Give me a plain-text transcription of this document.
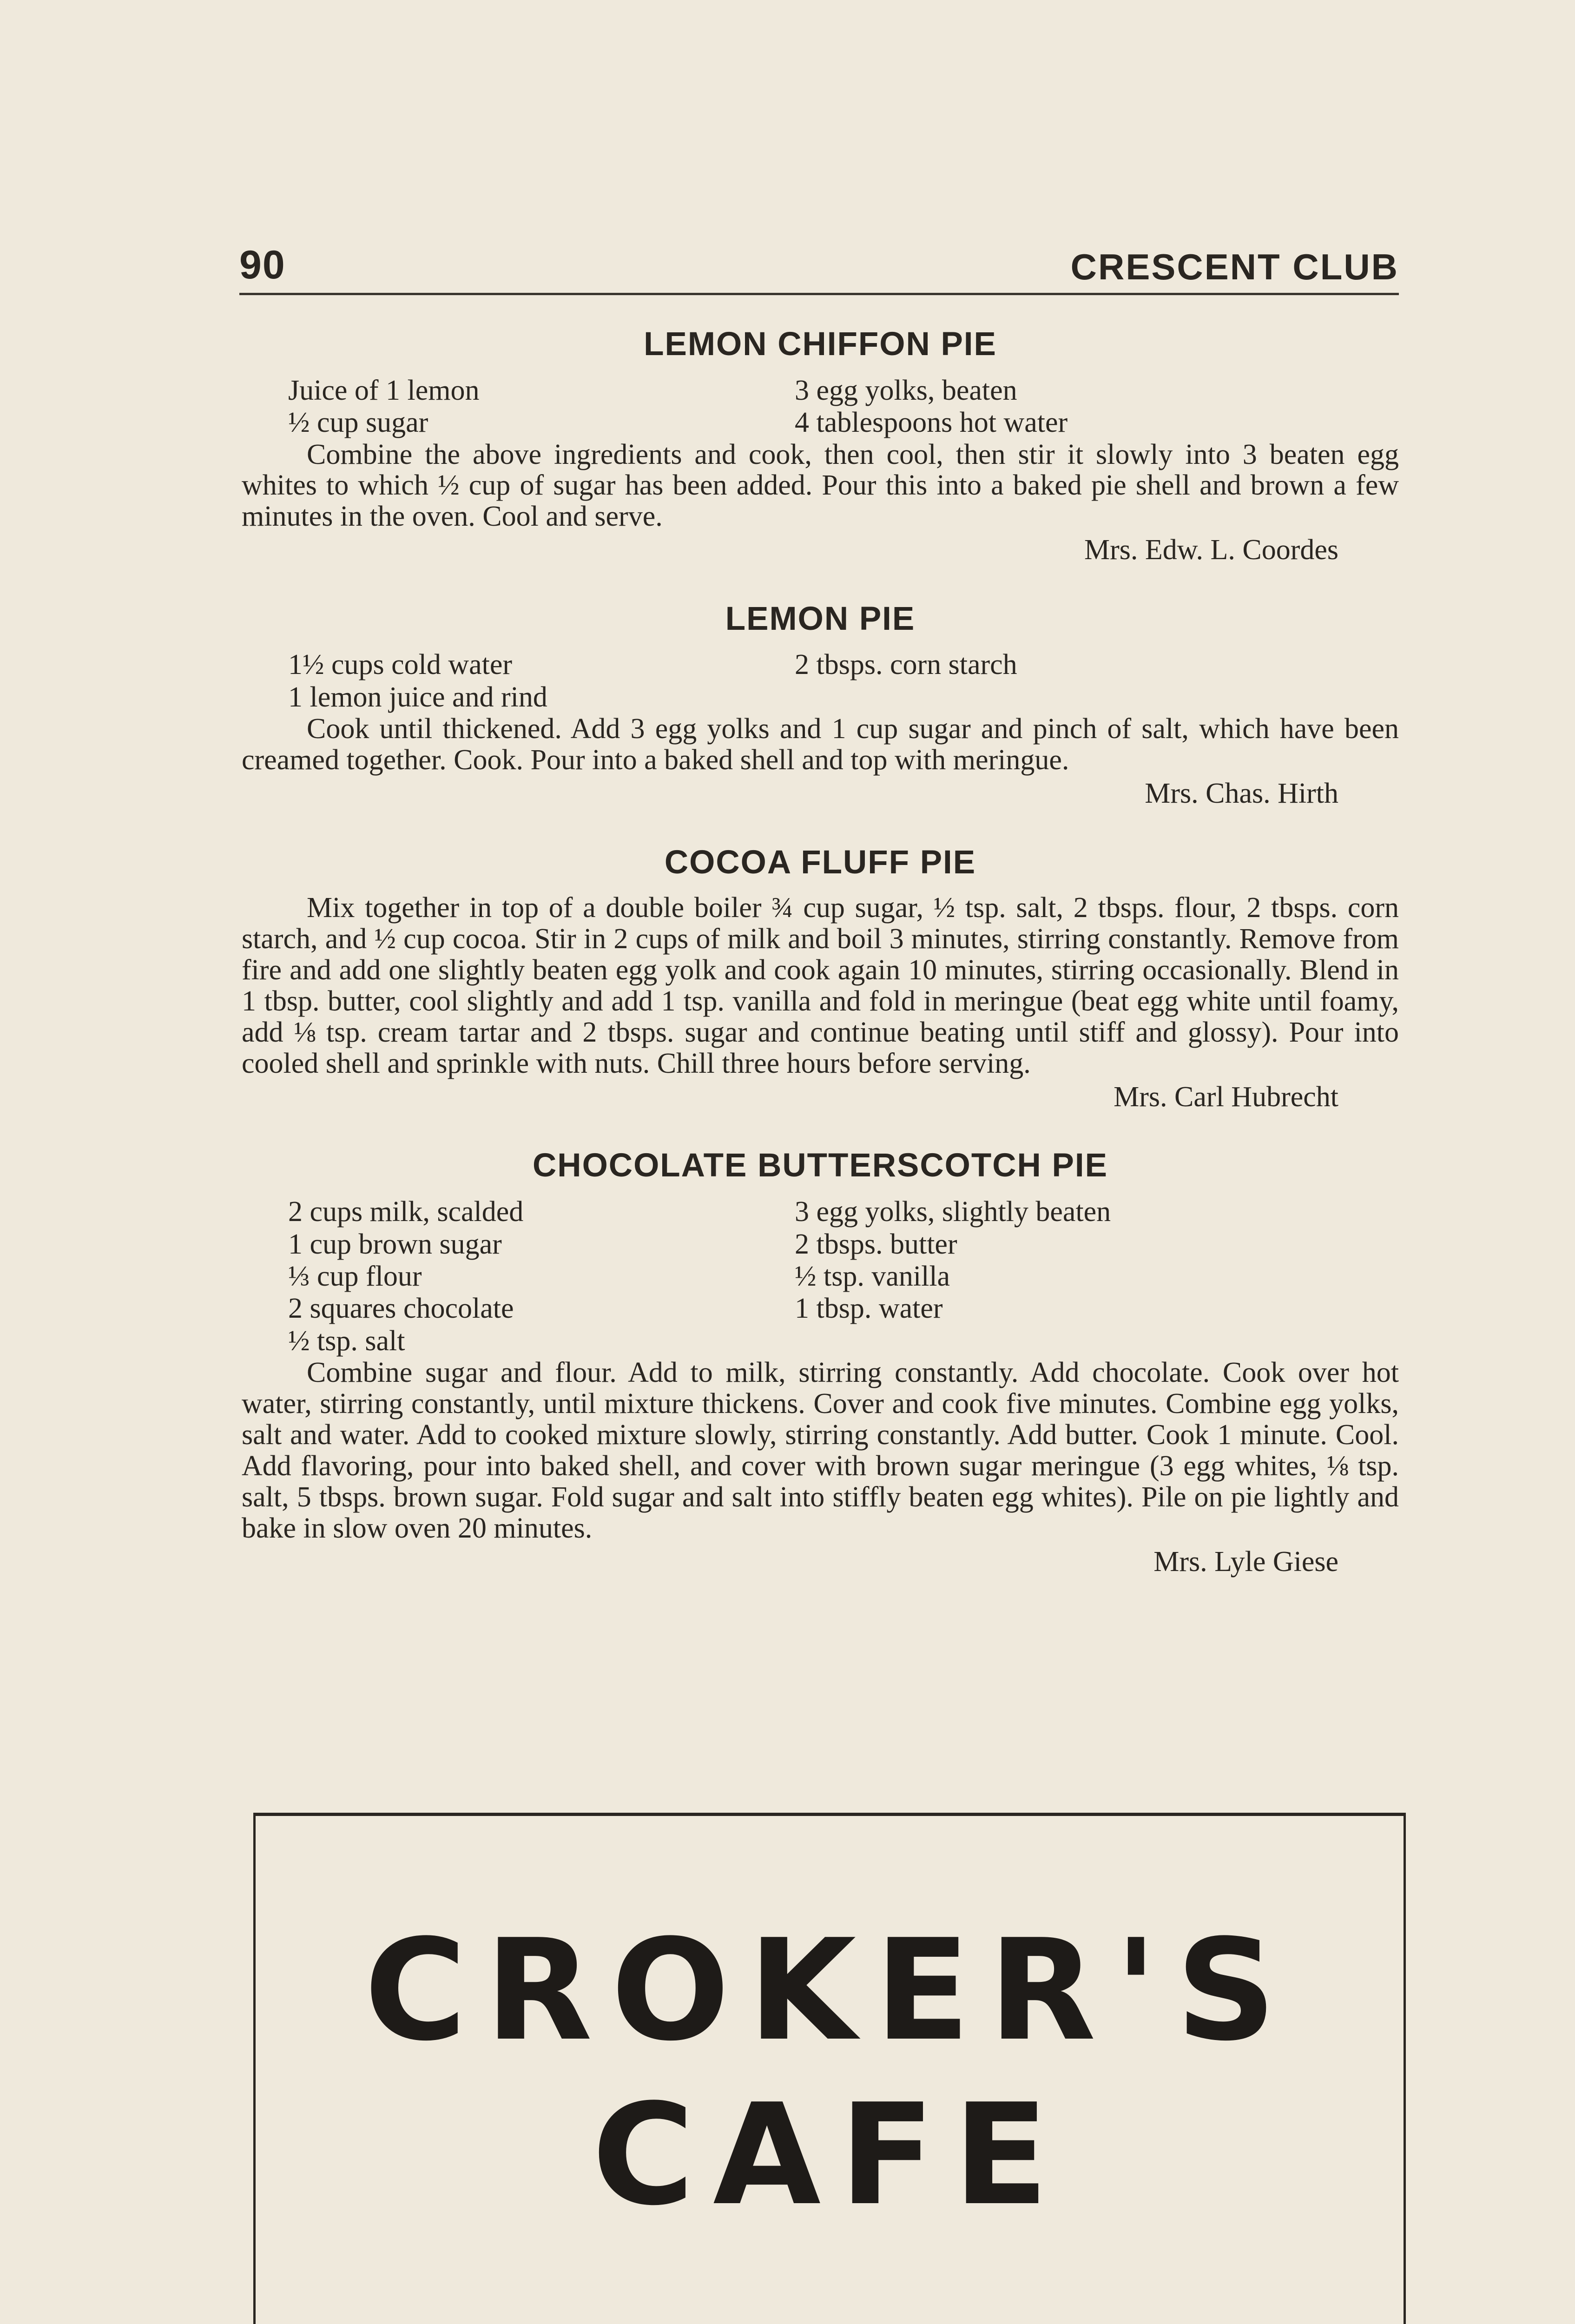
90	CRESCENT CLUB
LEMON CHIFFON PIE
Juice of 1 lemon
½ cup sugar
3 egg yolks, beaten
4 tablespoons hot water

Combine the above ingredients and cook, then cool, then stir it slowly into 3 beaten egg whites to which ½ cup of sugar has been added. Pour this into a baked pie shell and brown a few minutes in the oven. Cool and serve.

Mrs. Edw. L. Coordes
LEMON PIE
1½ cups cold water
1 lemon juice and rind
2 tbsps. corn starch

Cook until thickened. Add 3 egg yolks and 1 cup sugar and pinch of salt, which have been creamed together. Cook. Pour into a baked shell and top with meringue.

Mrs. Chas. Hirth
COCOA FLUFF PIE

Mix together in top of a double boiler ¾ cup sugar, ½ tsp. salt, 2 tbsps. flour, 2 tbsps. corn starch, and ½ cup cocoa. Stir in 2 cups of milk and boil 3 minutes, stirring constantly. Remove from fire and add one slightly beaten egg yolk and cook again 10 minutes, stirring occasionally. Blend in 1 tbsp. butter, cool slightly and add 1 tsp. vanilla and fold in meringue (beat egg white until foamy, add ⅛ tsp. cream tartar and 2 tbsps. sugar and continue beating until stiff and glossy). Pour into cooled shell and sprinkle with nuts. Chill three hours before serving.

Mrs. Carl Hubrecht
CHOCOLATE BUTTERSCOTCH PIE
2 cups milk, scalded
1 cup brown sugar
⅓ cup flour
2 squares chocolate
½ tsp. salt
3 egg yolks, slightly beaten
2 tbsps. butter
½ tsp. vanilla
1 tbsp. water

Combine sugar and flour. Add to milk, stirring constantly. Add chocolate. Cook over hot water, stirring constantly, until mixture thickens. Cover and cook five minutes. Combine egg yolks, salt and water. Add to cooked mixture slowly, stirring constantly. Add butter. Cook 1 minute. Cool. Add flavoring, pour into baked shell, and cover with brown sugar meringue (3 egg whites, ⅛ tsp. salt, 5 tbsps. brown sugar. Fold sugar and salt into stiffly beaten egg whites). Pile on pie lightly and bake in slow oven 20 minutes.

Mrs. Lyle Giese
CROKER'S
CAFE
